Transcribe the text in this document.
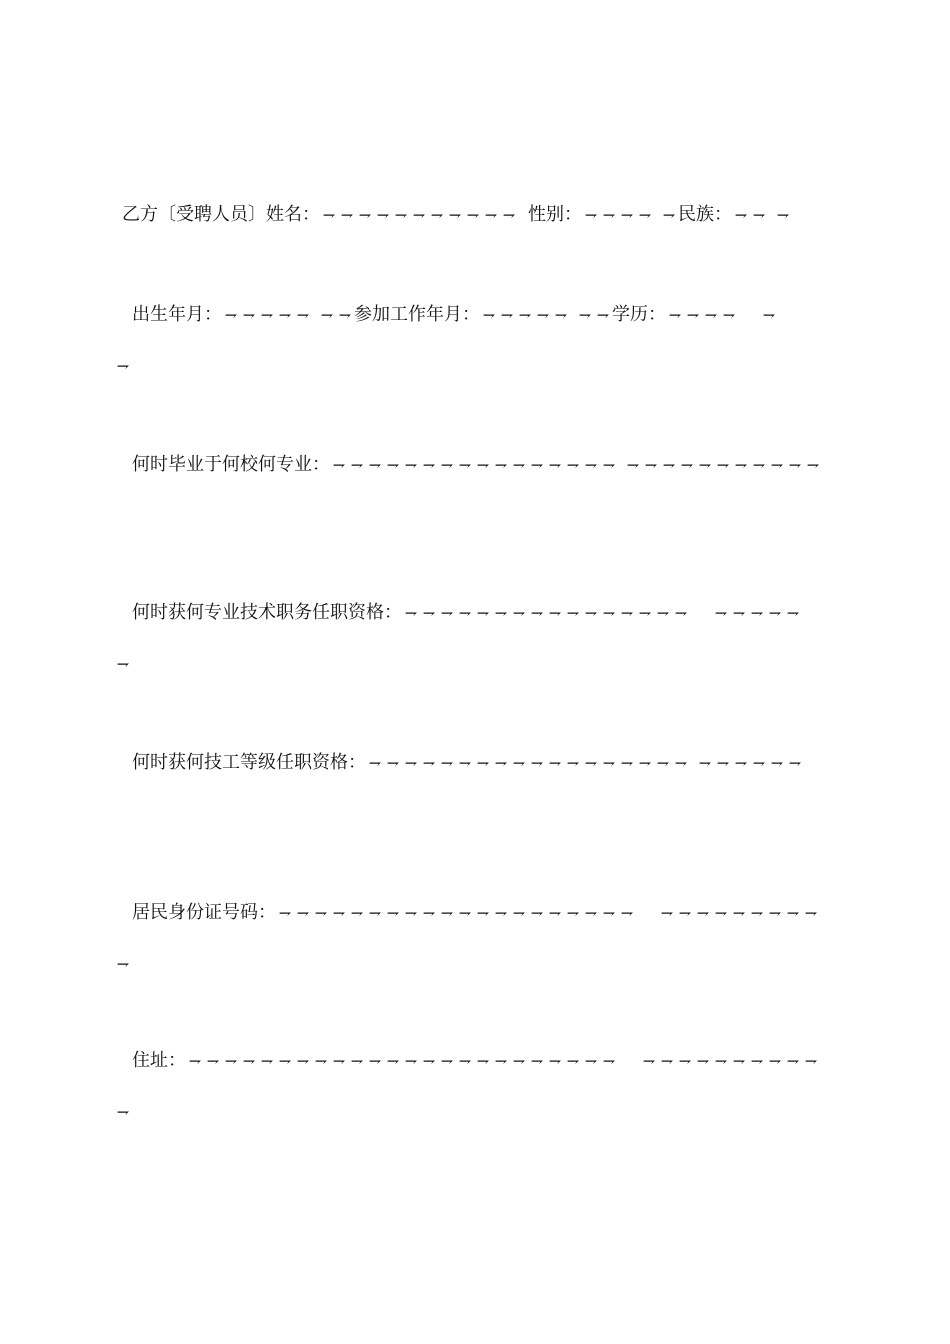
乙方〔受聘人员〕姓名： ⇁ ⇁ ⇁ ⇁ ⇁ ⇁ ⇁ ⇁ ⇁ ⇁ ⇁ 性别： ⇁ ⇁ ⇁ ⇁ ⇁ 民族： ⇁ ⇁ ⇁
出生年月： ⇁ ⇁ ⇁ ⇁ ⇁ ⇁ ⇁ 参加工作年月： ⇁ ⇁ ⇁ ⇁ ⇁ ⇁ ⇁ 学历： ⇁ ⇁ ⇁ ⇁ ⇁
⇁
何时毕业于何校何专业： ⇁ ⇁ ⇁ ⇁ ⇁ ⇁ ⇁ ⇁ ⇁ ⇁ ⇁ ⇁ ⇁ ⇁ ⇁ ⇁ ⇁ ⇁ ⇁ ⇁ ⇁ ⇁ ⇁ ⇁ ⇁ ⇁ ⇁
何时获何专业技术职务任职资格： ⇁ ⇁ ⇁ ⇁ ⇁ ⇁ ⇁ ⇁ ⇁ ⇁ ⇁ ⇁ ⇁ ⇁ ⇁ ⇁ ⇁ ⇁ ⇁ ⇁ ⇁
⇁
何时获何技工等级任职资格： ⇁ ⇁ ⇁ ⇁ ⇁ ⇁ ⇁ ⇁ ⇁ ⇁ ⇁ ⇁ ⇁ ⇁ ⇁ ⇁ ⇁ ⇁ ⇁ ⇁ ⇁ ⇁ ⇁ ⇁
居民身份证号码： ⇁ ⇁ ⇁ ⇁ ⇁ ⇁ ⇁ ⇁ ⇁ ⇁ ⇁ ⇁ ⇁ ⇁ ⇁ ⇁ ⇁ ⇁ ⇁ ⇁ ⇁ ⇁ ⇁ ⇁ ⇁ ⇁ ⇁ ⇁ ⇁
⇁
住址： ⇁ ⇁ ⇁ ⇁ ⇁ ⇁ ⇁ ⇁ ⇁ ⇁ ⇁ ⇁ ⇁ ⇁ ⇁ ⇁ ⇁ ⇁ ⇁ ⇁ ⇁ ⇁ ⇁ ⇁ ⇁ ⇁ ⇁ ⇁ ⇁ ⇁ ⇁ ⇁ ⇁ ⇁
⇁
